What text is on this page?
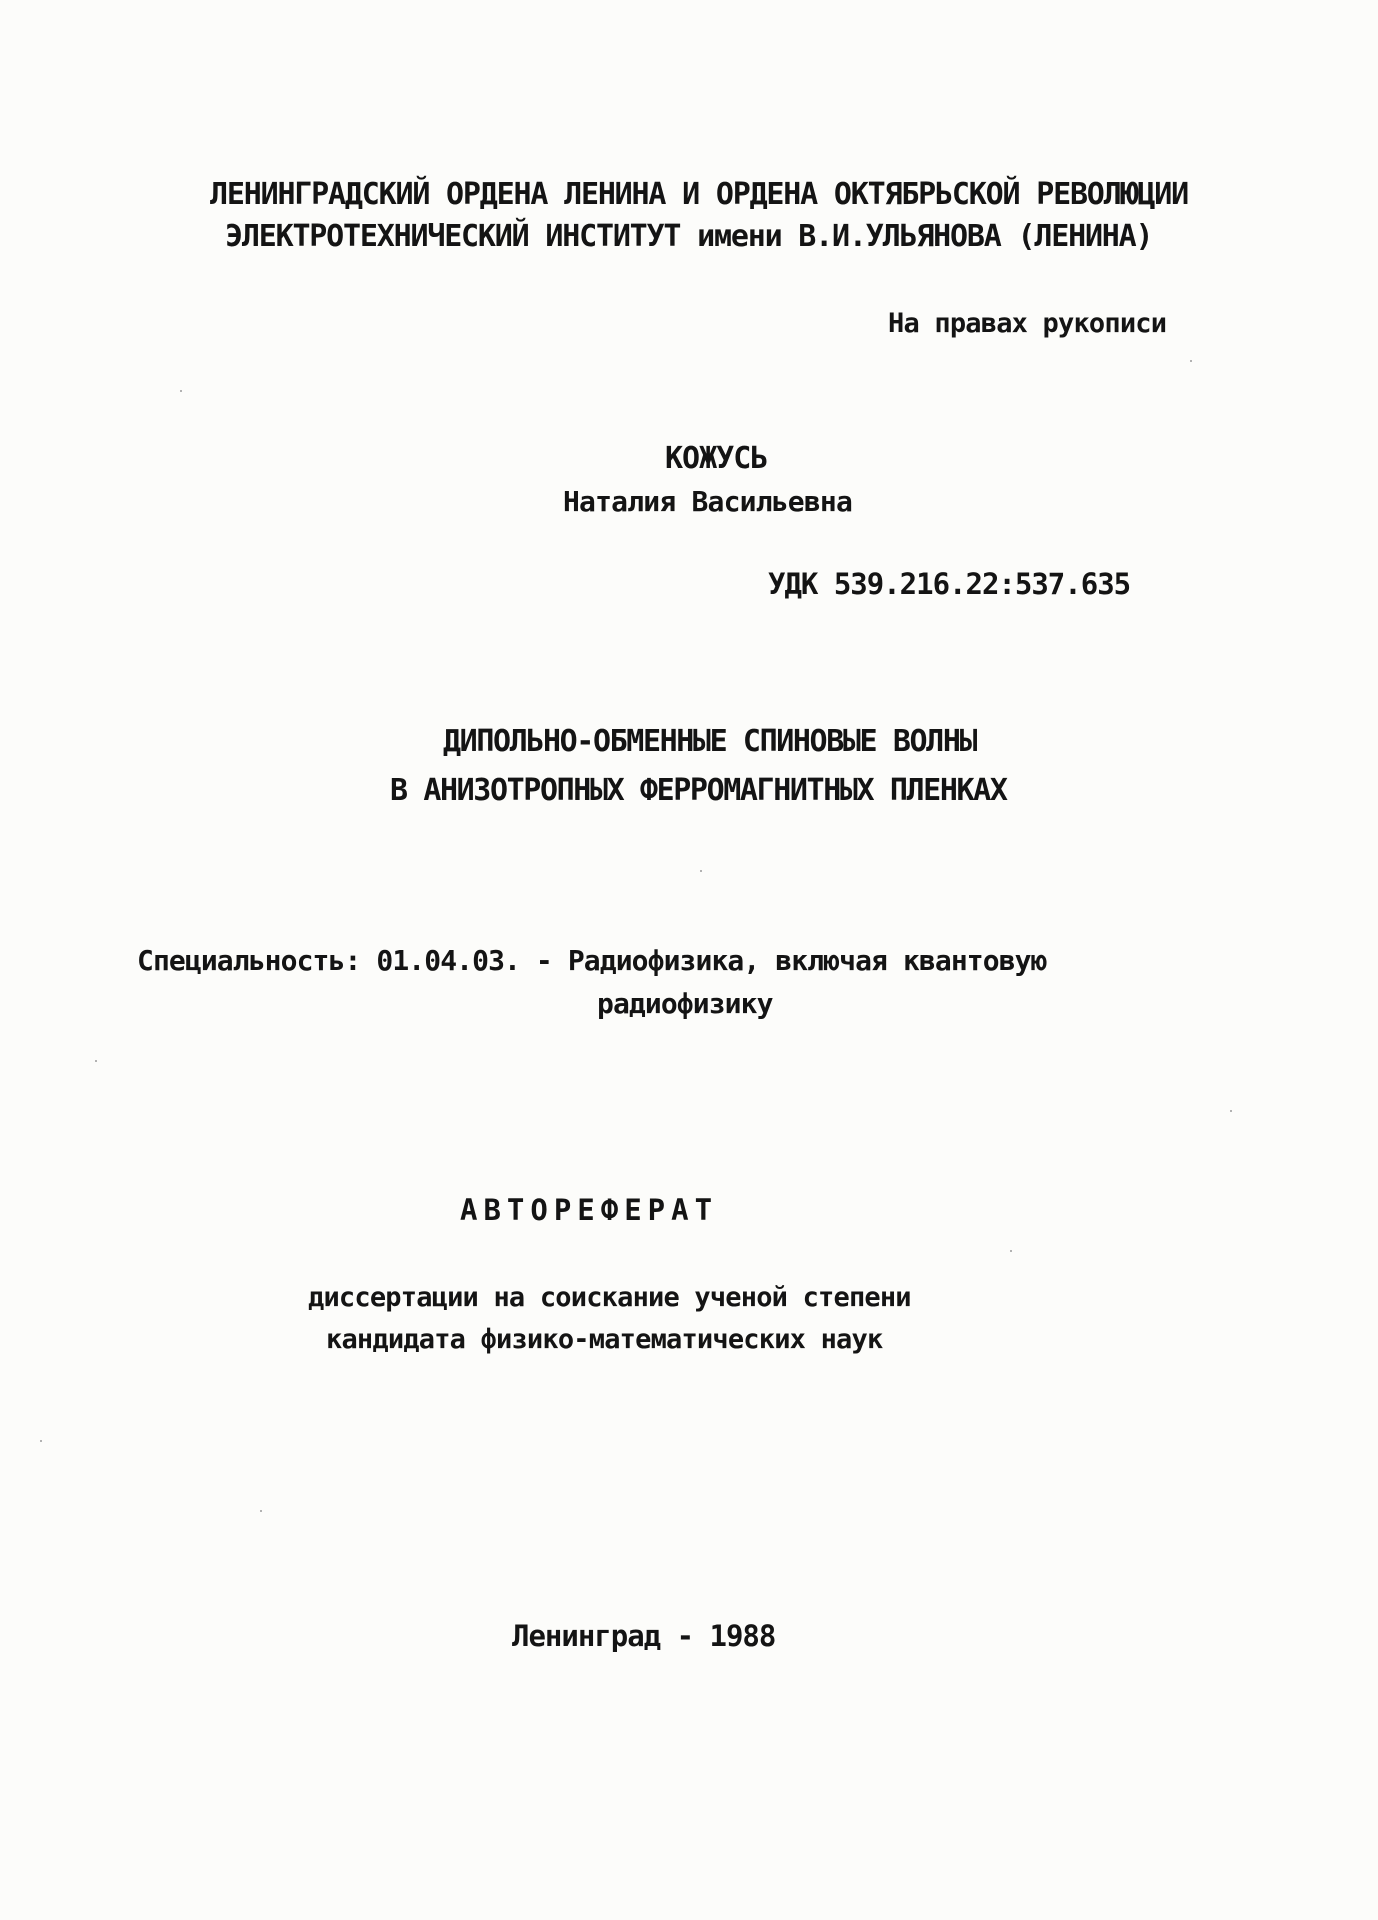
ЛЕНИНГРАДСКИЙ ОРДЕНА ЛЕНИНА И ОРДЕНА ОКТЯБРЬСКОЙ РЕВОЛЮЦИИ

ЭЛЕКТРОТЕХНИЧЕСКИЙ ИНСТИТУТ имени В.И.УЛЬЯНОВА (ЛЕНИНА)

На правах рукописи

КОЖУСЬ

Наталия Васильевна

УДК 539.216.22:537.635

ДИПОЛЬНО-ОБМЕННЫЕ СПИНОВЫЕ ВОЛНЫ

В АНИЗОТРОПНЫХ ФЕРРОМАГНИТНЫХ ПЛЕНКАХ

Специальность: 01.04.03. - Радиофизика, включая квантовую

радиофизику

АВТОРЕФЕРАТ

диссертации на соискание ученой степени

кандидата физико-математических наук

Ленинград - 1988
